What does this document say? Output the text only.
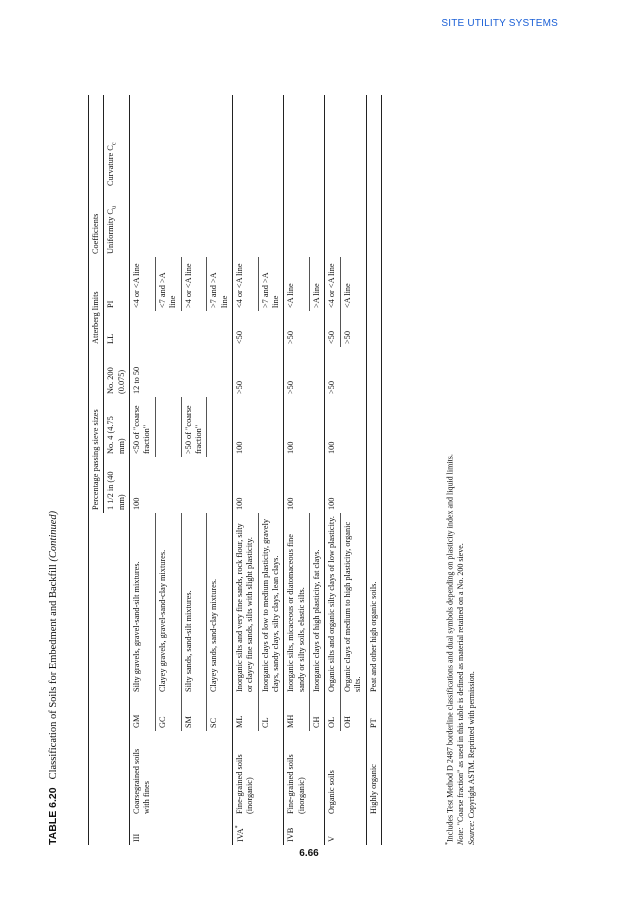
SITE UTILITY SYSTEMS
TABLE 6.20Classification of Soils for Embedment and Backfill (Continued)
				Percentage passing sieve sizes			Atterberg limits		Coefficients	
				1 1/2 in (40 mm)	No. 4 (4.75 mm)	No. 200 (0.075)	LL	PI	Uniformity $C_u$	Curvature $C_c$
III	Coarsegrained soils with fines	GM	Silty gravels, gravel-sand-silt mixtures.	100	<50 of "coarse fraction"	12 to 50		<4 or <A line		
		GC	Clayey gravels, gravel-sand-clay mixtures.					<7 and >A line		
		SM	Silty sands, sand-silt mixtures.		>50 of "coarse fraction"			>4 or <A line		
		SC	Clayey sands, sand-clay mixtures.					>7 and >A line		
IVA*	Fine-grained soils (inorganic)	ML	Inorganic silts and very fine sands, rock flour, silty or clayey fine sands, silts with slight plasticity.	100	100	>50	<50	<4 or <A line		
		CL	Inorganic clays of low to medium plasticity, gravely clays, sandy clays, silty clays, lean clays.					>7 and >A line		
IVB	Fine-grained soils (inorganic)	MH	Inorganic silts, micaceous or diatomaceous fine sandy or silty soils, elastic silts.	100	100	>50	>50	<A line		
		CH	Inorganic clays of high plasticity, fat clays.					>A line		
V	Organic soils	OL	Organic silts and organic silty clays of low plasticity.	100	100	>50	<50	<4 or <A line		
		OH	Organic clays of medium to high plasticity, organic silts.				>50	<A line		
	Highly organic	PT	Peat and other high organic soils.							
*Includes Test Method D 2487 borderline classifications and dual symbols depending on plasticity index and liquid limits. Note: "Coarse fraction" as used in this table is defined as material retained on a No. 200 sieve.
Source: Copyright ASTM. Reprinted with permission.
6.66
